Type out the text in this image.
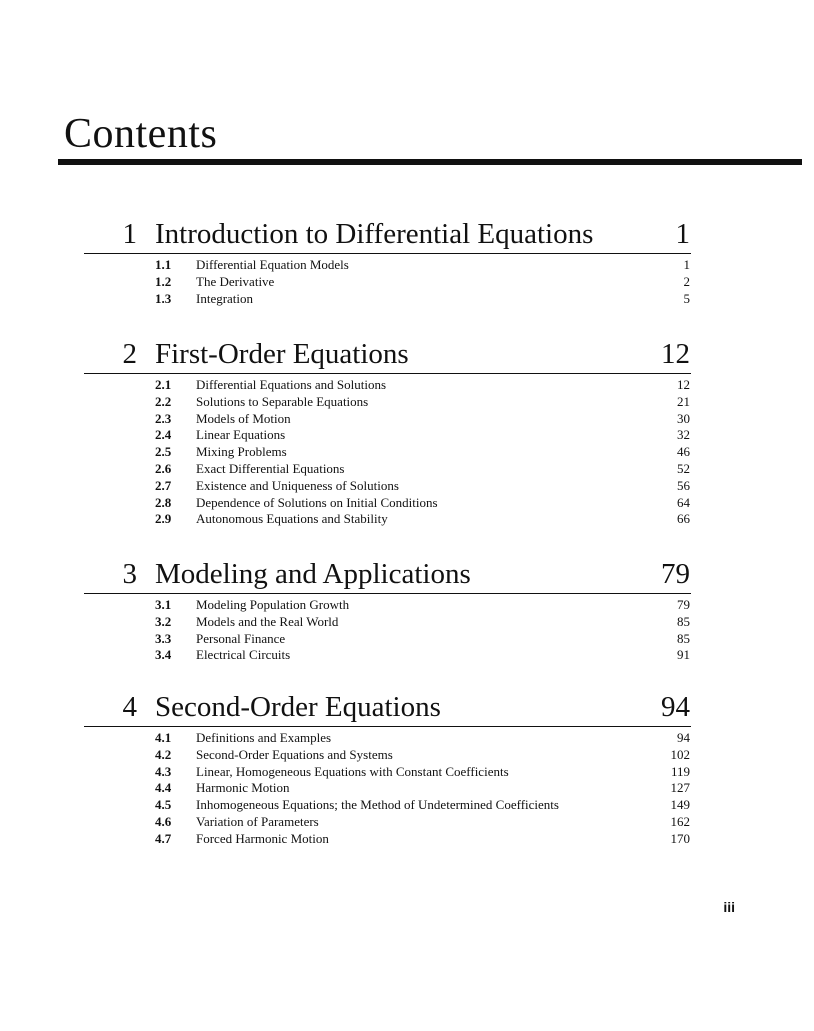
Contents
1 Introduction to Differential Equations	1
1.1 Differential Equation Models	1
1.2 The Derivative	2
1.3 Integration	5
2 First-Order Equations	12
2.1 Differential Equations and Solutions	12
2.2 Solutions to Separable Equations	21
2.3 Models of Motion	30
2.4 Linear Equations	32
2.5 Mixing Problems	46
2.6 Exact Differential Equations	52
2.7 Existence and Uniqueness of Solutions	56
2.8 Dependence of Solutions on Initial Conditions	64
2.9 Autonomous Equations and Stability	66
3 Modeling and Applications	79
3.1 Modeling Population Growth	79
3.2 Models and the Real World	85
3.3 Personal Finance	85
3.4 Electrical Circuits	91
4 Second-Order Equations	94
4.1 Definitions and Examples	94
4.2 Second-Order Equations and Systems	102
4.3 Linear, Homogeneous Equations with Constant Coefficients	119
4.4 Harmonic Motion	127
4.5 Inhomogeneous Equations; the Method of Undetermined Coefficients	149
4.6 Variation of Parameters	162
4.7 Forced Harmonic Motion	170
iii
